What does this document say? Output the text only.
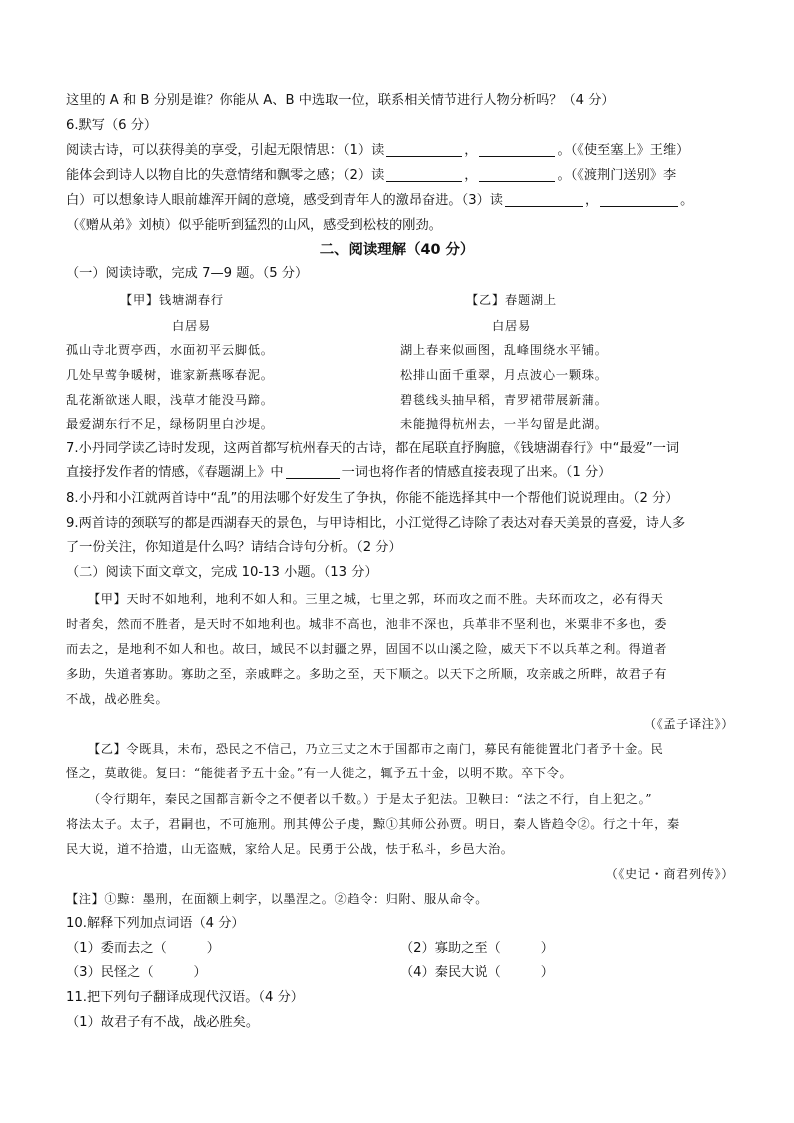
这里的 A 和 B 分别是谁？你能从 A、B 中选取一位，联系相关情节进行人物分析吗？（4 分）
6.默写（6 分）
阅读古诗，可以获得美的享受，引起无限情思：（1）读	，	。（《使至塞上》王维）
能体会到诗人以物自比的失意情绪和飘零之感；（2）读	，	。（《渡荆门送别》李
白）可以想象诗人眼前雄浑开阔的意境，感受到青年人的激昂奋进。（3）读	，	。
（《赠从弟》刘桢）似乎能听到猛烈的山风，感受到松枝的刚劲。
二、阅读理解（40 分）
（一）阅读诗歌，完成 7—9 题。（5 分）
【甲】钱塘湖春行
白居易
孤山寺北贾亭西，水面初平云脚低。
几处早莺争暖树，谁家新燕啄春泥。
乱花渐欲迷人眼，浅草才能没马蹄。
最爱湖东行不足，绿杨阴里白沙堤。
【乙】春题湖上
白居易
湖上春来似画图，乱峰围绕水平铺。
松排山面千重翠，月点波心一颗珠。
碧毯线头抽早稻，青罗裙带展新蒲。
未能抛得杭州去，一半勾留是此湖。
7.小丹同学读乙诗时发现，这两首都写杭州春天的古诗，都在尾联直抒胸臆，《钱塘湖春行》中“最爱”一词
直接抒发作者的情感，《春题湖上》中	一词也将作者的情感直接表现了出来。（1 分）
8.小丹和小江就两首诗中“乱”的用法哪个好发生了争执，你能不能选择其中一个帮他们说说理由。（2 分）
9.两首诗的颈联写的都是西湖春天的景色，与甲诗相比，小江觉得乙诗除了表达对春天美景的喜爱，诗人多
了一份关注，你知道是什么吗？请结合诗句分析。（2 分）
（二）阅读下面文章文，完成 10-13 小题。（13 分）
【甲】天时不如地利，地利不如人和。三里之城，七里之郭，环而攻之而不胜。夫环而攻之，必有得天
时者矣，然而不胜者，是天时不如地利也。城非不高也，池非不深也，兵革非不坚利也，米粟非不多也，委
而去之，是地利不如人和也。故曰，域民不以封疆之界，固国不以山溪之险，威天下不以兵革之利。得道者
多助，失道者寡助。寡助之至，亲戚畔之。多助之至，天下顺之。以天下之所顺，攻亲戚之所畔，故君子有
不战，战必胜矣。
（《孟子译注》）
【乙】令既具，未布，恐民之不信己，乃立三丈之木于国都市之南门，募民有能徙置北门者予十金。民
怪之，莫敢徙。复曰：“能徙者予五十金。”有一人徙之，辄予五十金，以明不欺。卒下令。
（令行期年，秦民之国都言新令之不便者以千数。）于是太子犯法。卫鞅曰：“法之不行，自上犯之。”
将法太子。太子，君嗣也，不可施刑。刑其傅公子虔，黥①其师公孙贾。明日，秦人皆趋令②。行之十年，秦
民大说，道不拾遗，山无盗贼，家给人足。民勇于公战，怯于私斗，乡邑大治。
（《史记・商君列传》）
【注】①黥：墨刑，在面额上刺字，以墨涅之。②趋令：归附、服从命令。
10.解释下列加点词语（4 分）
（1）委而去之（	）	（2）寡助之至（	）
（3）民怪之（	）	（4）秦民大说（	）
11.把下列句子翻译成现代汉语。（4 分）
（1）故君子有不战，战必胜矣。
